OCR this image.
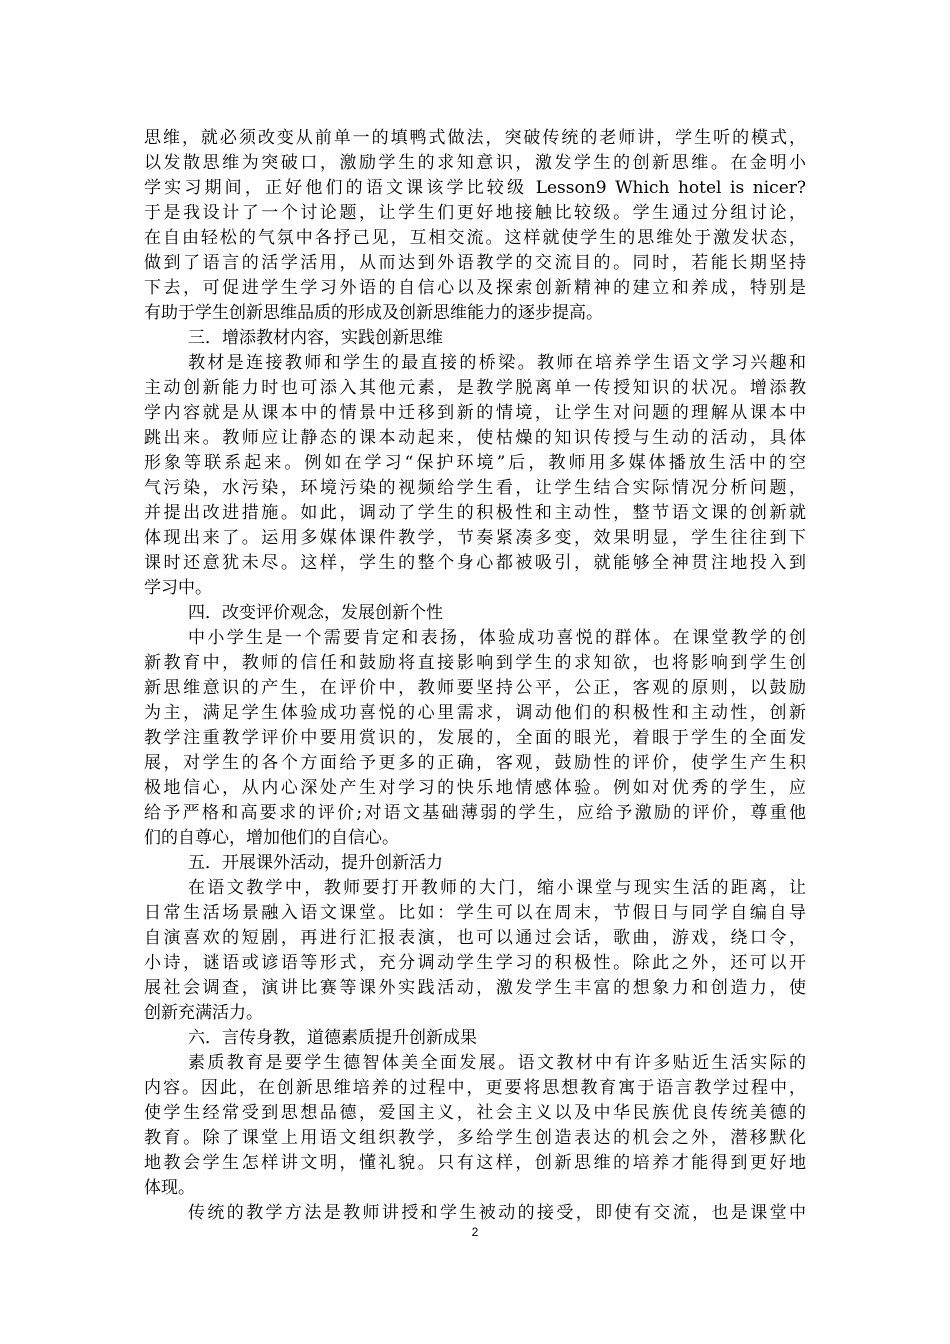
思维，就必须改变从前单一的填鸭式做法，突破传统的老师讲，学生听的模式，
以发散思维为突破口，激励学生的求知意识，激发学生的创新思维。在金明小
学实习期间，正好他们的语文课该学比较级 Lesson9 Which hotel is nicer?
于是我设计了一个讨论题，让学生们更好地接触比较级。学生通过分组讨论，
在自由轻松的气氛中各抒己见，互相交流。这样就使学生的思维处于激发状态，
做到了语言的活学活用，从而达到外语教学的交流目的。同时，若能长期坚持
下去，可促进学生学习外语的自信心以及探索创新精神的建立和养成，特别是
有助于学生创新思维品质的形成及创新思维能力的逐步提高。
三．增添教材内容，实践创新思维
教材是连接教师和学生的最直接的桥梁。教师在培养学生语文学习兴趣和
主动创新能力时也可添入其他元素，是教学脱离单一传授知识的状况。增添教
学内容就是从课本中的情景中迁移到新的情境，让学生对问题的理解从课本中
跳出来。教师应让静态的课本动起来，使枯燥的知识传授与生动的活动，具体
形象等联系起来。例如在学习“保护环境”后，教师用多媒体播放生活中的空
气污染，水污染，环境污染的视频给学生看，让学生结合实际情况分析问题，
并提出改进措施。如此，调动了学生的积极性和主动性，整节语文课的创新就
体现出来了。运用多媒体课件教学，节奏紧凑多变，效果明显，学生往往到下
课时还意犹未尽。这样，学生的整个身心都被吸引，就能够全神贯注地投入到
学习中。
四．改变评价观念，发展创新个性
中小学生是一个需要肯定和表扬，体验成功喜悦的群体。在课堂教学的创
新教育中，教师的信任和鼓励将直接影响到学生的求知欲，也将影响到学生创
新思维意识的产生，在评价中，教师要坚持公平，公正，客观的原则，以鼓励
为主，满足学生体验成功喜悦的心里需求，调动他们的积极性和主动性，创新
教学注重教学评价中要用赏识的，发展的，全面的眼光，着眼于学生的全面发
展，对学生的各个方面给予更多的正确，客观，鼓励性的评价，使学生产生积
极地信心，从内心深处产生对学习的快乐地情感体验。例如对优秀的学生，应
给予严格和高要求的评价;对语文基础薄弱的学生，应给予激励的评价，尊重他
们的自尊心，增加他们的自信心。
五．开展课外活动，提升创新活力
在语文教学中，教师要打开教师的大门，缩小课堂与现实生活的距离，让
日常生活场景融入语文课堂。比如：学生可以在周末，节假日与同学自编自导
自演喜欢的短剧，再进行汇报表演，也可以通过会话，歌曲，游戏，绕口令，
小诗，谜语或谚语等形式，充分调动学生学习的积极性。除此之外，还可以开
展社会调查，演讲比赛等课外实践活动，激发学生丰富的想象力和创造力，使
创新充满活力。
六．言传身教，道德素质提升创新成果
素质教育是要学生德智体美全面发展。语文教材中有许多贴近生活实际的
内容。因此，在创新思维培养的过程中，更要将思想教育寓于语言教学过程中，
使学生经常受到思想品德，爱国主义，社会主义以及中华民族优良传统美德的
教育。除了课堂上用语文组织教学，多给学生创造表达的机会之外，潜移默化
地教会学生怎样讲文明，懂礼貌。只有这样，创新思维的培养才能得到更好地
体现。
传统的教学方法是教师讲授和学生被动的接受，即使有交流，也是课堂中
2
